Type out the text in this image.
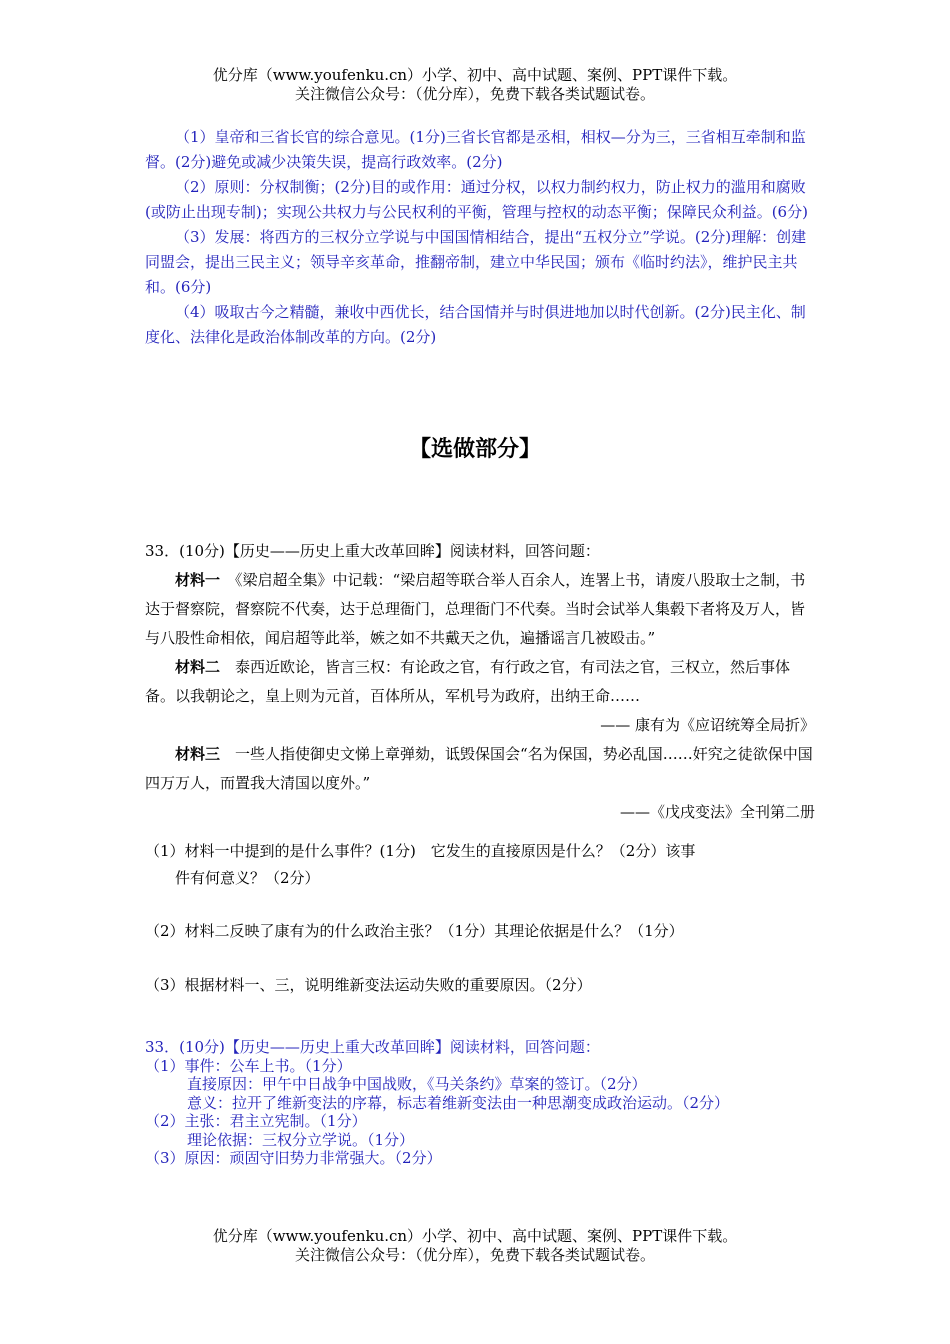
优分库（www.youfenku.cn）小学、初中、高中试题、案例、PPT课件下载。
关注微信公众号：（优分库），免费下载各类试题试卷。

（1）皇帝和三省长官的综合意见。(1分)三省长官都是丞相，相权—分为三，三省相互牵制和监督。(2分)避免或减少决策失误，提高行政效率。(2分)

（2）原则：分权制衡；(2分)目的或作用：通过分权，以权力制约权力，防止权力的滥用和腐败(或防止出现专制)；实现公共权力与公民权利的平衡，管理与控权的动态平衡；保障民众利益。(6分)

（3）发展：将西方的三权分立学说与中国国情相结合，提出“五权分立”学说。(2分)理解：创建同盟会，提出三民主义；领导辛亥革命，推翻帝制，建立中华民国；颁布《临时约法》，维护民主共和。(6分)

（4）吸取古今之精髓，兼收中西优长，结合国情并与时俱进地加以时代创新。(2分)民主化、制度化、法律化是政治体制改革的方向。(2分)

【选做部分】
33．(10分)【历史——历史上重大改革回眸】阅读材料，回答问题：

材料一　 《梁启超全集》中记载：“梁启超等联合举人百余人，连署上书，请废八股取士之制，书达于督察院，督察院不代奏，达于总理衙门，总理衙门不代奏。当时会试举人集毂下者将及万人，皆与八股性命相依，闻启超等此举，嫉之如不共戴天之仇，遍播谣言几被殴击。”

材料二　 泰西近欧论，皆言三权：有论政之官，有行政之官，有司法之官，三权立，然后事体备。以我朝论之，皇上则为元首，百体所从，军机号为政府，出纳王命……

—— 康有为《应诏统筹全局折》

材料三　 一些人指使御史文悌上章弹劾，诋毁保国会“名为保国，势必乱国……奸究之徒欲保中国四万万人，而置我大清国以度外。”

——《戊戌变法》全刊第二册

（1）材料一中提到的是什么事件？(1分)　它发生的直接原因是什么？（2分）该事
件有何意义？（2分）
（2）材料二反映了康有为的什么政治主张？（1分）其理论依据是什么？（1分）
（3）根据材料一、三，说明维新变法运动失败的重要原因。（2分）
33．(10分)【历史——历史上重大改革回眸】阅读材料，回答问题：
（1）事件：公车上书。（1分）
直接原因：甲午中日战争中国战败，《马关条约》草案的签订。（2分）
意义：拉开了维新变法的序幕，标志着维新变法由一种思潮变成政治运动。（2分）
（2）主张：君主立宪制。（1分）
理论依据：三权分立学说。（1分）
（3）原因：顽固守旧势力非常强大。（2分）
优分库（www.youfenku.cn）小学、初中、高中试题、案例、PPT课件下载。
关注微信公众号：（优分库），免费下载各类试题试卷。
